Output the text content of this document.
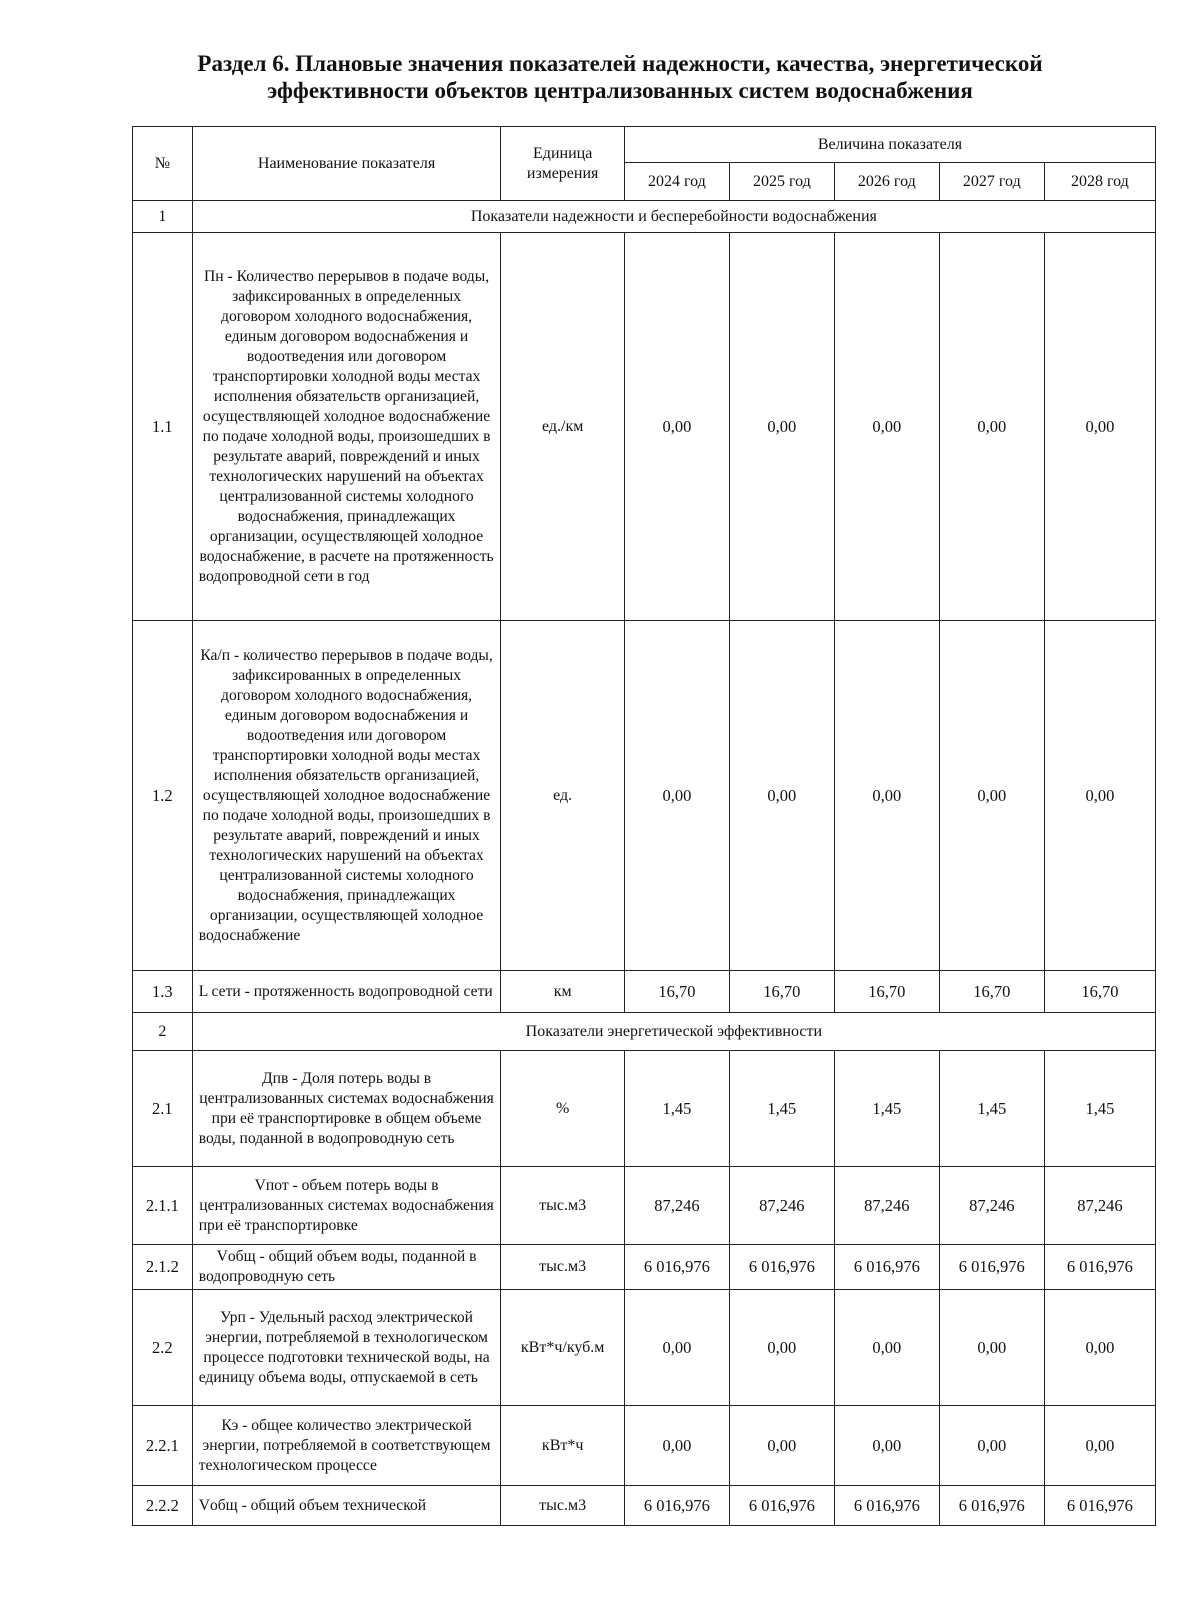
Раздел 6. Плановые значения показателей надежности, качества, энергетической
эффективности объектов централизованных систем водоснабжения
№	Наименование показателя	Единица измерения	Величина показателя				
			2024 год	2025 год	2026 год	2027 год	2028 год
1	Показатели надежности и бесперебойности водоснабжения						
1.1	Пн - Количество перерывов в подаче воды, зафиксированных в определенных договором холодного водоснабжения, единым договором водоснабжения и водоотведения или договором транспортировки холодной воды местах исполнения обязательств организацией, осуществляющей холодное водоснабжение по подаче холодной воды, произошедших в результате аварий, повреждений и иных технологических нарушений на объектах централизованной системы холодного водоснабжения, принадлежащих организации, осуществляющей холодное водоснабжение, в расчете на протяженность водопроводной сети в год	ед./км	0,00	0,00	0,00	0,00	0,00
1.2	Ка/п - количество перерывов в подаче воды, зафиксированных в определенных договором холодного водоснабжения, единым договором водоснабжения и водоотведения или договором транспортировки холодной воды местах исполнения обязательств организацией, осуществляющей холодное водоснабжение по подаче холодной воды, произошедших в результате аварий, повреждений и иных технологических нарушений на объектах централизованной системы холодного водоснабжения, принадлежащих организации, осуществляющей холодное водоснабжение	ед.	0,00	0,00	0,00	0,00	0,00
1.3	L сети - протяженность водопроводной сети	км	16,70	16,70	16,70	16,70	16,70
2	Показатели энергетической эффективности						
2.1	Дпв - Доля потерь воды в централизованных системах водоснабжения при её транспортировке в общем объеме воды, поданной в водопроводную сеть	%	1,45	1,45	1,45	1,45	1,45
2.1.1	Vпот - объем потерь воды в централизованных системах водоснабжения при её транспортировке	тыс.м3	87,246	87,246	87,246	87,246	87,246
2.1.2	Vобщ - общий объем воды, поданной в водопроводную сеть	тыс.м3	6 016,976	6 016,976	6 016,976	6 016,976	6 016,976
2.2	Урп - Удельный расход электрической энергии, потребляемой в технологическом процессе подготовки технической воды, на единицу объема воды, отпускаемой в сеть	кВт*ч/куб.м	0,00	0,00	0,00	0,00	0,00
2.2.1	Кэ - общее количество электрической энергии, потребляемой в соответствующем технологическом процессе	кВт*ч	0,00	0,00	0,00	0,00	0,00
2.2.2	Vобщ - общий объем технической	тыс.м3	6 016,976	6 016,976	6 016,976	6 016,976	6 016,976
